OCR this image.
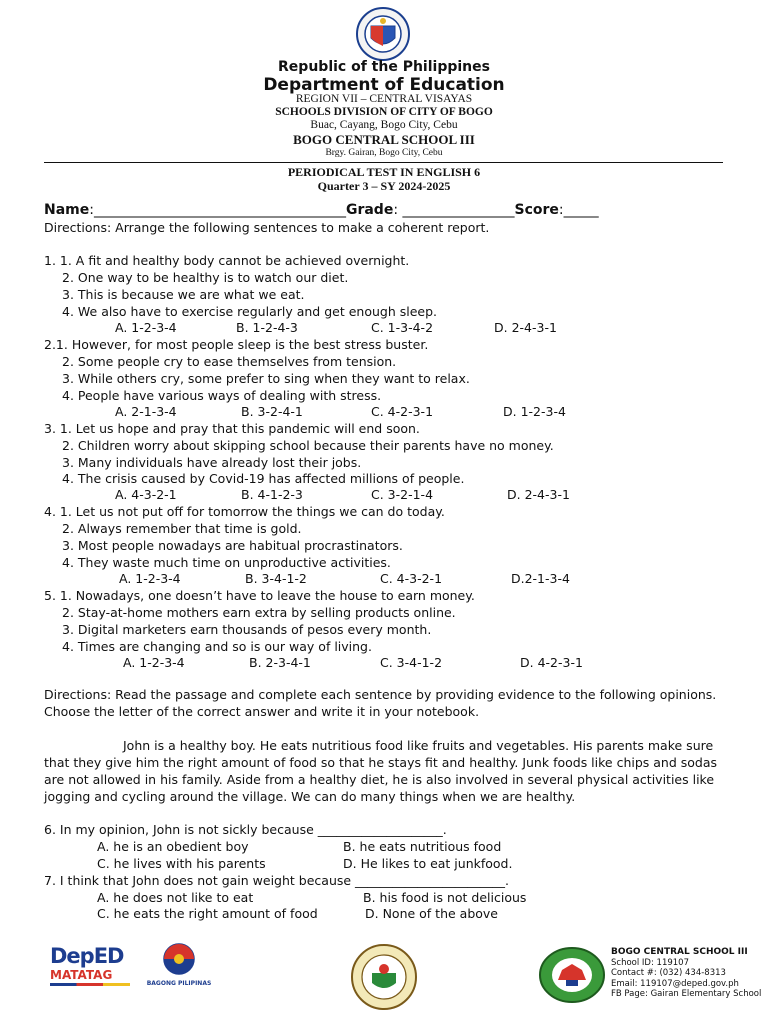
Republic of the Philippines
Department of Education
REGION VII – CENTRAL VISAYAS
SCHOOLS DIVISION OF CITY OF BOGO
Buac, Cayang, Bogo City, Cebu
BOGO CENTRAL SCHOOL III
Brgy. Gairan, Bogo City, Cebu
PERIODICAL TEST IN ENGLISH 6
Quarter 3 – SY 2024-2025
Name:____________________________________Grade: ________________Score:_____
Directions: Arrange the following sentences to make a coherent report.
1. 1. A fit and healthy body cannot be achieved overnight.
2. One way to be healthy is to watch our diet.
3. This is because we are what we eat.
4. We also have to exercise regularly and get enough sleep.
A. 1-2-3-4	B. 1-2-4-3	C. 1-3-4-2	D. 2-4-3-1
2.1. However, for most people sleep is the best stress buster.
2. Some people cry to ease themselves from tension.
3. While others cry, some prefer to sing when they want to relax.
4. People have various ways of dealing with stress.
A. 2-1-3-4	B. 3-2-4-1	C. 4-2-3-1	D. 1-2-3-4
3. 1. Let us hope and pray that this pandemic will end soon.
2. Children worry about skipping school because their parents have no money.
3. Many individuals have already lost their jobs.
4. The crisis caused by Covid-19 has affected millions of people.
A. 4-3-2-1	B. 4-1-2-3	C. 3-2-1-4	D. 2-4-3-1
4. 1. Let us not put off for tomorrow the things we can do today.
2. Always remember that time is gold.
3. Most people nowadays are habitual procrastinators.
4. They waste much time on unproductive activities.
A. 1-2-3-4	B. 3-4-1-2	C. 4-3-2-1	D.2-1-3-4
5. 1. Nowadays, one doesn’t have to leave the house to earn money.
2. Stay-at-home mothers earn extra by selling products online.
3. Digital marketers earn thousands of pesos every month.
4. Times are changing and so is our way of living.
A. 1-2-3-4	B. 2-3-4-1	C. 3-4-1-2	D. 4-2-3-1
Directions: Read the passage and complete each sentence by providing evidence to the following opinions.
Choose the letter of the correct answer and write it in your notebook.
John is a healthy boy. He eats nutritious food like fruits and vegetables. His parents make sure
that they give him the right amount of food so that he stays fit and healthy. Junk foods like chips and sodas
are not allowed in his family. Aside from a healthy diet, he is also involved in several physical activities like
jogging and cycling around the village. We can do many things when we are healthy.
6. In my opinion, John is not sickly because ____________________.
A. he is an obedient boy	B. he eats nutritious food
C. he lives with his parents	D. He likes to eat junkfood.
7. I think that John does not gain weight because ________________________.
A. he does not like to eat	B. his food is not delicious
C. he eats the right amount of food	D. None of the above
DepED
MATATAG
BAGONG PILIPINAS
BOGO CENTRAL SCHOOL III
School ID: 119107
Contact #: (032) 434-8313
Email: 119107@deped.gov.ph
FB Page: Gairan Elementary School
